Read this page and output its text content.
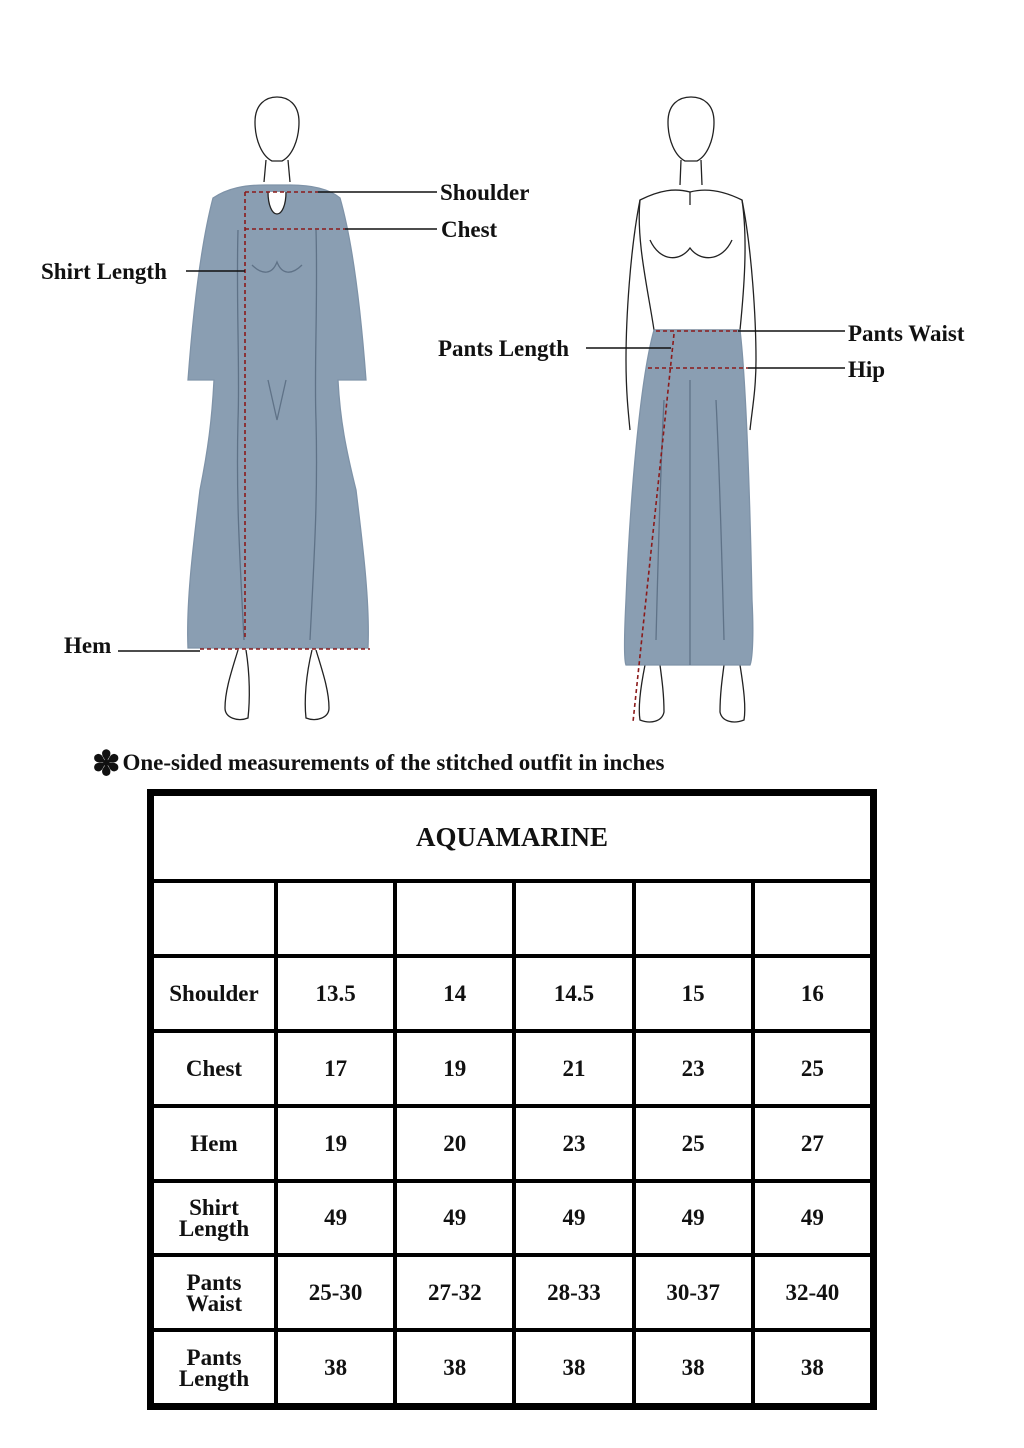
Shoulder
Chest
Shirt Length
Hem
Pants Length
Pants Waist
Hip
✽One-sided measurements of the stitched outfit in inches
AQUAMARINE					

Shoulder	13.5	14	14.5	15	16
Chest	17	19	21	23	25
Hem	19	20	23	25	27
Shirt
Length	49	49	49	49	49
Pants
Waist	25-30	27-32	28-33	30-37	32-40
Pants
Length	38	38	38	38	38
